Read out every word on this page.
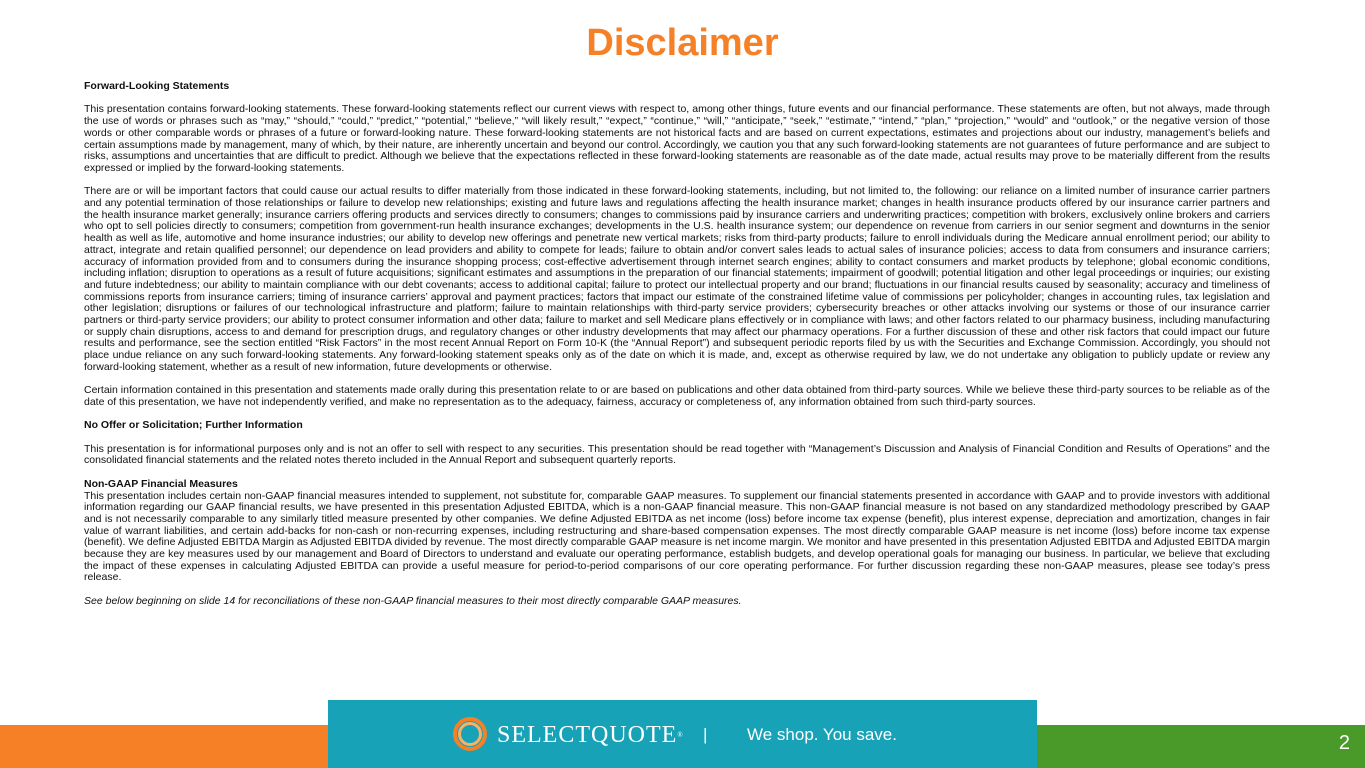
Disclaimer

Forward-Looking Statements

This presentation contains forward-looking statements. These forward-looking statements reflect our current views with respect to, among other things, future events and our financial performance. These statements are often, but not always, made through the use of words or phrases such as “may,” “should,” “could,” “predict,” “potential,” “believe,” “will likely result,” “expect,” “continue,” “will,” “anticipate,” “seek,” “estimate,” “intend,” “plan,” “projection,” “would” and “outlook,” or the negative version of those words or other comparable words or phrases of a future or forward-looking nature. These forward-looking statements are not historical facts and are based on current expectations, estimates and projections about our industry, management’s beliefs and certain assumptions made by management, many of which, by their nature, are inherently uncertain and beyond our control. Accordingly, we caution you that any such forward-looking statements are not guarantees of future performance and are subject to risks, assumptions and uncertainties that are difficult to predict. Although we believe that the expectations reflected in these forward-looking statements are reasonable as of the date made, actual results may prove to be materially different from the results expressed or implied by the forward-looking statements.

There are or will be important factors that could cause our actual results to differ materially from those indicated in these forward-looking statements, including, but not limited to, the following: our reliance on a limited number of insurance carrier partners and any potential termination of those relationships or failure to develop new relationships; existing and future laws and regulations affecting the health insurance market; changes in health insurance products offered by our insurance carrier partners and the health insurance market generally; insurance carriers offering products and services directly to consumers; changes to commissions paid by insurance carriers and underwriting practices; competition with brokers, exclusively online brokers and carriers who opt to sell policies directly to consumers; competition from government-run health insurance exchanges; developments in the U.S. health insurance system; our dependence on revenue from carriers in our senior segment and downturns in the senior health as well as life, automotive and home insurance industries; our ability to develop new offerings and penetrate new vertical markets; risks from third-party products; failure to enroll individuals during the Medicare annual enrollment period; our ability to attract, integrate and retain qualified personnel; our dependence on lead providers and ability to compete for leads; failure to obtain and/or convert sales leads to actual sales of insurance policies; access to data from consumers and insurance carriers; accuracy of information provided from and to consumers during the insurance shopping process; cost-effective advertisement through internet search engines; ability to contact consumers and market products by telephone; global economic conditions, including inflation; disruption to operations as a result of future acquisitions; significant estimates and assumptions in the preparation of our financial statements; impairment of goodwill; potential litigation and other legal proceedings or inquiries; our existing and future indebtedness; our ability to maintain compliance with our debt covenants; access to additional capital; failure to protect our intellectual property and our brand; fluctuations in our financial results caused by seasonality; accuracy and timeliness of commissions reports from insurance carriers; timing of insurance carriers’ approval and payment practices; factors that impact our estimate of the constrained lifetime value of commissions per policyholder; changes in accounting rules, tax legislation and other legislation; disruptions or failures of our technological infrastructure and platform; failure to maintain relationships with third-party service providers; cybersecurity breaches or other attacks involving our systems or those of our insurance carrier partners or third-party service providers; our ability to protect consumer information and other data; failure to market and sell Medicare plans effectively or in compliance with laws; and other factors related to our pharmacy business, including manufacturing or supply chain disruptions, access to and demand for prescription drugs, and regulatory changes or other industry developments that may affect our pharmacy operations. For a further discussion of these and other risk factors that could impact our future results and performance, see the section entitled “Risk Factors” in the most recent Annual Report on Form 10-K (the “Annual Report”) and subsequent periodic reports filed by us with the Securities and Exchange Commission. Accordingly, you should not place undue reliance on any such forward-looking statements. Any forward-looking statement speaks only as of the date on which it is made, and, except as otherwise required by law, we do not undertake any obligation to publicly update or review any forward-looking statement, whether as a result of new information, future developments or otherwise.

Certain information contained in this presentation and statements made orally during this presentation relate to or are based on publications and other data obtained from third-party sources. While we believe these third-party sources to be reliable as of the date of this presentation, we have not independently verified, and make no representation as to the adequacy, fairness, accuracy or completeness of, any information obtained from such third-party sources.

No Offer or Solicitation; Further Information

This presentation is for informational purposes only and is not an offer to sell with respect to any securities. This presentation should be read together with “Management’s Discussion and Analysis of Financial Condition and Results of Operations” and the consolidated financial statements and the related notes thereto included in the Annual Report and subsequent quarterly reports.

Non-GAAP Financial Measures

This presentation includes certain non-GAAP financial measures intended to supplement, not substitute for, comparable GAAP measures. To supplement our financial statements presented in accordance with GAAP and to provide investors with additional information regarding our GAAP financial results, we have presented in this presentation Adjusted EBITDA, which is a non-GAAP financial measure. This non-GAAP financial measure is not based on any standardized methodology prescribed by GAAP and is not necessarily comparable to any similarly titled measure presented by other companies. We define Adjusted EBITDA as net income (loss) before income tax expense (benefit), plus interest expense, depreciation and amortization, changes in fair value of warrant liabilities, and certain add-backs for non-cash or non-recurring expenses, including restructuring and share-based compensation expenses. The most directly comparable GAAP measure is net income (loss) before income tax expense (benefit). We define Adjusted EBITDA Margin as Adjusted EBITDA divided by revenue. The most directly comparable GAAP measure is net income margin. We monitor and have presented in this presentation Adjusted EBITDA and Adjusted EBITDA margin because they are key measures used by our management and Board of Directors to understand and evaluate our operating performance, establish budgets, and develop operational goals for managing our business. In particular, we believe that excluding the impact of these expenses in calculating Adjusted EBITDA can provide a useful measure for period-to-period comparisons of our core operating performance. For further discussion regarding these non-GAAP measures, please see today’s press release.

See below beginning on slide 14 for reconciliations of these non-GAAP financial measures to their most directly comparable GAAP measures.

SELECTQUOTE® | We shop. You save.	2
